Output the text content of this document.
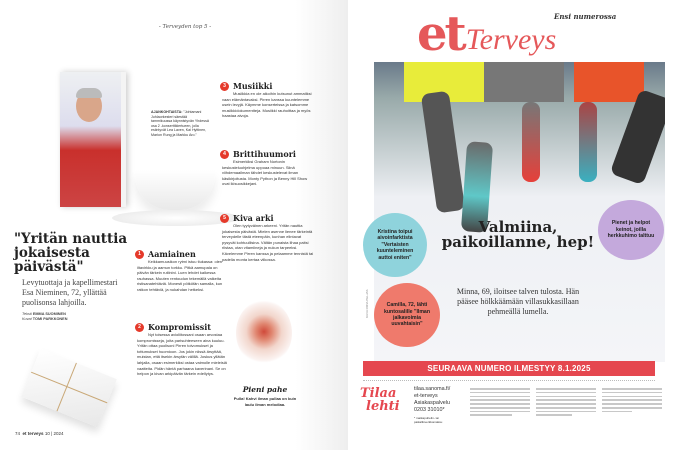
- Terveyden top 5 -
AJANKOHTAISTA: "Johtamani Juhlaorkesteri säestää tammikuussa käynnistyvän Yhdessä osa 2 -konserttikiertueen, jolla esiintyvät Lea Laven, Kai Hyttinen, Marion Rung ja Markku Aro."
"Yritän nauttia jokaisesta päivästä"
Levytuottaja ja kapellimestari Esa Nieminen, 72, yllättää puolisonsa lahjoilla.
Teksti EMMA SUOMINEN
Kuvat TOMI PARKKONEN
1 Aamiainen

Keikkamuusikon rytmi istuu tiukassa: olen iltavirkku ja aamun torkku. Pitkä aamupala on päivän tärkein rutiinini. Luen lehdet kaikessa rauhassa. Muuten rentoudun tekemällä vaikeita ristisanatehtäviä. Monesti pötkötän samalla, kun ratkon tehtäviä, ja nukahdan hetkeksi.

2 Kompromissit

Nyt toisessa avioliitossani osaan arvostaa kompromisseja, joita parisuhteeseen aina kuuluu. Yritän ottaa puolisoni Pirren toivomukset ja tottumukset huomioon. Jos jokin niissä ärsyttää, muistan, että itsekin ärsytän välillä. Joskus yllätän lahjalla, osaan esimerkiksi ostaa vaimolle mieleisiä vaatteita. Pidän häntä parhaana kaverinani. Se on helpon ja kivan arkipäivän tärkein edellytys.

3 Musiikki

Musiikkia en ole aikoihin kutsunut ammatiksi vaan elämäntavaksi. Pirren kanssa kuuntelemme usein levyjä. Käymme konserteissa ja katsomme musiikkidokumentteja. Musiikki rauhoittaa ja myös haastaa aivoja.

4 Brittihuumori

Esimerkiksi Graham Nortonin keskusteluohjelma uppoaa minuun. Siinä viihdemaailman tähdet keskustelevat ilman käsikirjoitusta. Monty Python ja Benny Hill Show ovat ikisuosikkejani.

5 Kiva arki

Olen tyytyväinen arkeeni. Yritän nauttia jokaisesta päivästä. Mielen asenne lienee tärkeintä terveydelle tästä eteenpäin, kunhan elintavat pysyvät kohtuullisina. Vältän punaista lihaa paitsi riistaa, otan vitamiineja ja nukun tarpeeksi. Kävelemme Pirren kanssa ja pelaamme tennistä tai padelia monta kertaa viikossa.

Pieni pahe
Pulla! Kahvi ilman pullaa on kuin laulu ilman melodiaa.
74 et terveys 10 | 2024
et Terveys
Ensi numerossa
KUVA RIINA PELJAS
Kristina toipui aivoinfarktista "Vertaisten kuunteleminen auttoi eniten"
Camilla, 72, lähti kuntosalille "Ilman jalkavoimia uuvahtaisin"
Pienet ja helpot keinot, joilla herkkuhimo talttuu
Valmiina, paikoillanne, hep!
Minna, 69, iloitsee talven tulosta. Hän pääsee hölkkäämään villasukkasillaan pehmeällä lumella.
SEURAAVA NUMERO ILMESTYY 8.1.2025
Tilaa
lehti
tilaa.sanoma.fi/
et-terveys
Asiakaspalvelu
0203 31010*
* matkapuhelin- tai paikallisverkkomaksu
